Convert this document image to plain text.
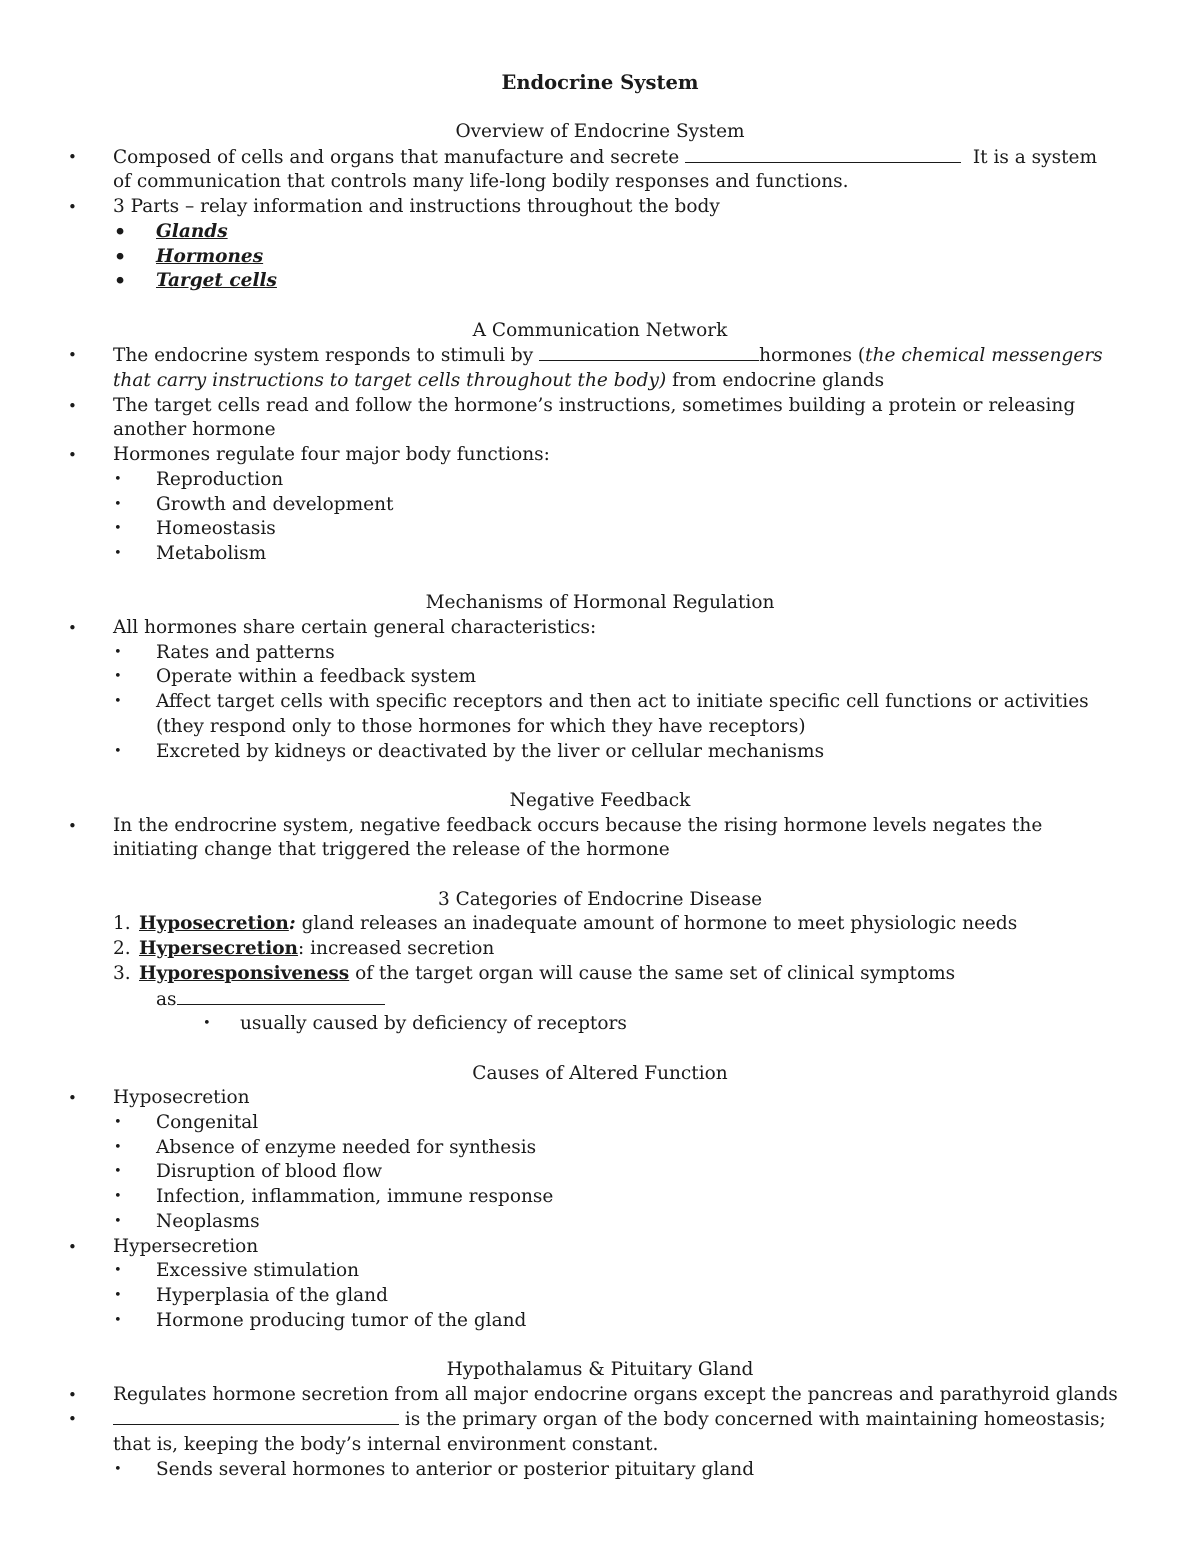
Endocrine System

Overview of Endocrine System

• Composed of cells and organs that manufacture and secrete	It is a system of communication that controls many life-long bodily responses and functions.
• 3 Parts – relay information and instructions throughout the body
• Glands
• Hormones
• Target cells

A Communication Network

• The endocrine system responds to stimuli by	hormones (the chemical messengers that carry instructions to target cells throughout the body) from endocrine glands
• The target cells read and follow the hormone’s instructions, sometimes building a protein or releasing another hormone
• Hormones regulate four major body functions:
• Reproduction
• Growth and development
• Homeostasis
• Metabolism

Mechanisms of Hormonal Regulation

• All hormones share certain general characteristics:
• Rates and patterns
• Operate within a feedback system
• Affect target cells with specific receptors and then act to initiate specific cell functions or activities (they respond only to those hormones for which they have receptors)
• Excreted by kidneys or deactivated by the liver or cellular mechanisms

Negative Feedback

• In the endrocrine system, negative feedback occurs because the rising hormone levels negates the initiating change that triggered the release of the hormone

3 Categories of Endocrine Disease

1. Hyposecretion: gland releases an inadequate amount of hormone to meet physiologic needs
2. Hypersecretion: increased secretion
3. Hyporesponsiveness of the target organ will cause the same set of clinical symptoms
as
• usually caused by deficiency of receptors

Causes of Altered Function

• Hyposecretion
• Congenital
• Absence of enzyme needed for synthesis
• Disruption of blood flow
• Infection, inflammation, immune response
• Neoplasms
• Hypersecretion
• Excessive stimulation
• Hyperplasia of the gland
• Hormone producing tumor of the gland

Hypothalamus & Pituitary Gland

• Regulates hormone secretion from all major endocrine organs except the pancreas and parathyroid glands
• is the primary organ of the body concerned with maintaining homeostasis; that is, keeping the body’s internal environment constant.
• Sends several hormones to anterior or posterior pituitary gland
